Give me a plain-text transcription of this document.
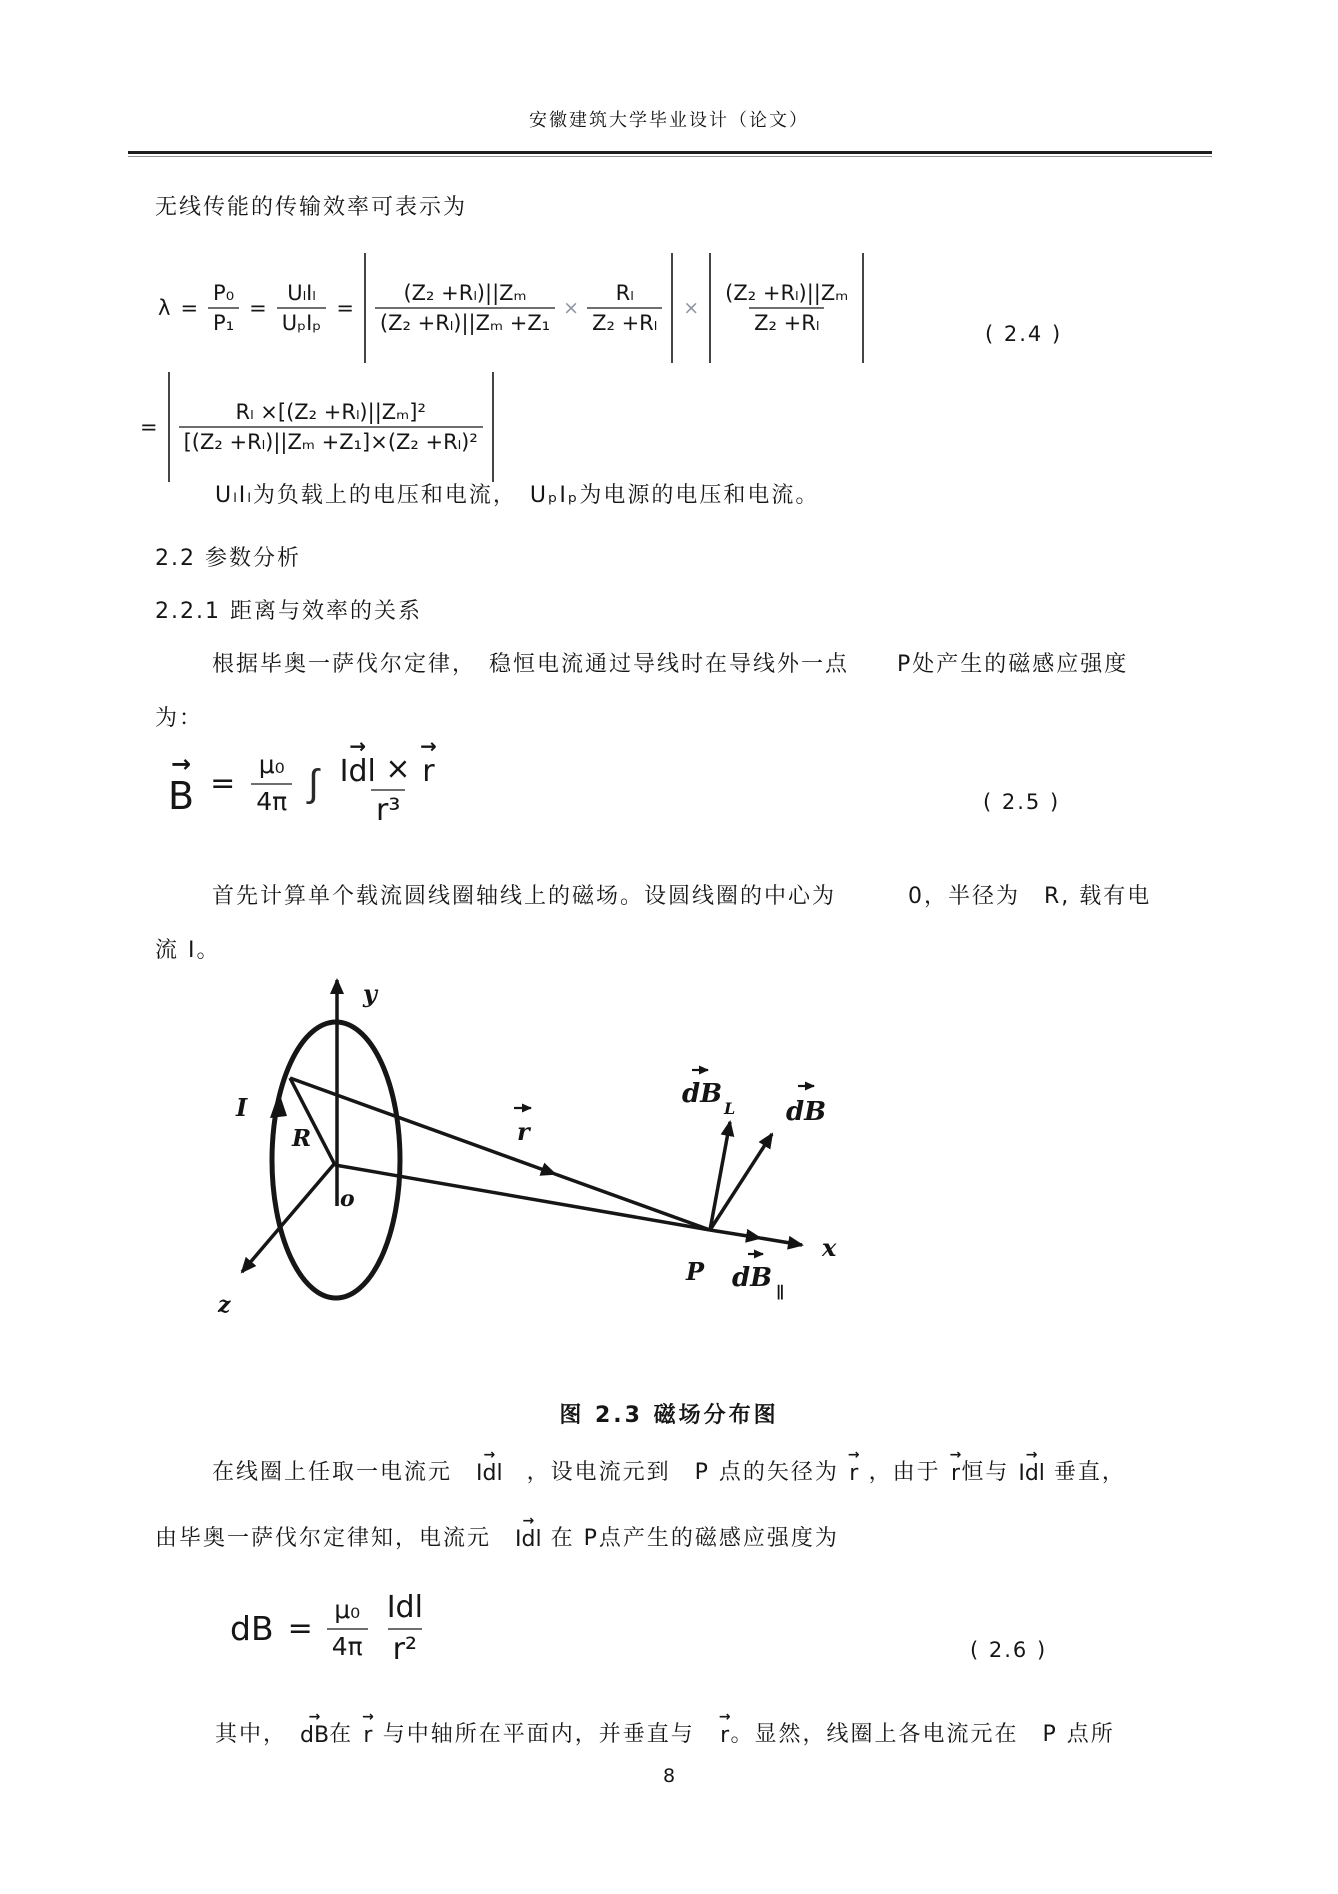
安徽建筑大学毕业设计（论文）
无线传能的传输效率可表示为
$\lambda = \frac{\text{P₀}}{\text{P₁}} = \frac{\text{UₗIₗ}}{\text{UₚIₚ}} = \frac{\text{(Z₂ +Rₗ)||Zₘ}}{\text{(Z₂ +Rₗ)||Zₘ +Z₁}} \times \frac{\text{Rₗ}}{\text{Z₂ +Rₗ}} \times \frac{\text{(Z₂ +Rₗ)||Zₘ}}{\text{Z₂ +Rₗ}}$	( 2.4 )
= $\frac{\text{Rₗ ×[(Z₂ +Rₗ)||Zₘ]²}}{\text{[(Z₂ +Rₗ)||Zₘ +Z₁]×(Z₂ +Rₗ)²}}$
UₗIₗ为负载上的电压和电流，　UₚIₚ为电源的电压和电流。
2.2 参数分析
2.2.1 距离与效率的关系
根据毕奥一萨伐尔定律，　稳恒电流通过导线时在导线外一点　　P处产生的磁感应强度
为：
→
$B = \frac{\text{μ₀}}{4\pi}$ ∫ →
Idl ×
→
r
r³	( 2.5 )
首先计算单个载流圆线圈轴线上的磁场。设圆线圈的中心为　　　0，半径为　R, 载有电
流 I。
y
z
R
o
I
r
x
dB L dB
P dB ∥
图 2.3 磁场分布图
在线圈上任取一电流元　
→
Idl 　，设电流元到　P 点的矢径为
→
r ，由于
→
r 恒与
→
Idl 垂直，
由毕奥一萨伐尔定律知，电流元　
→
Idl 在 P点产生的磁感应强度为
dB = $\frac{\text{μ₀}}{4\pi} \frac{\text{Idl}}{\text{r²}}$	( 2.6 )
其中，　
→
dB 在
→
r 与中轴所在平面内，并垂直与　
→
r 。显然，线圈上各电流元在　P 点所
8
